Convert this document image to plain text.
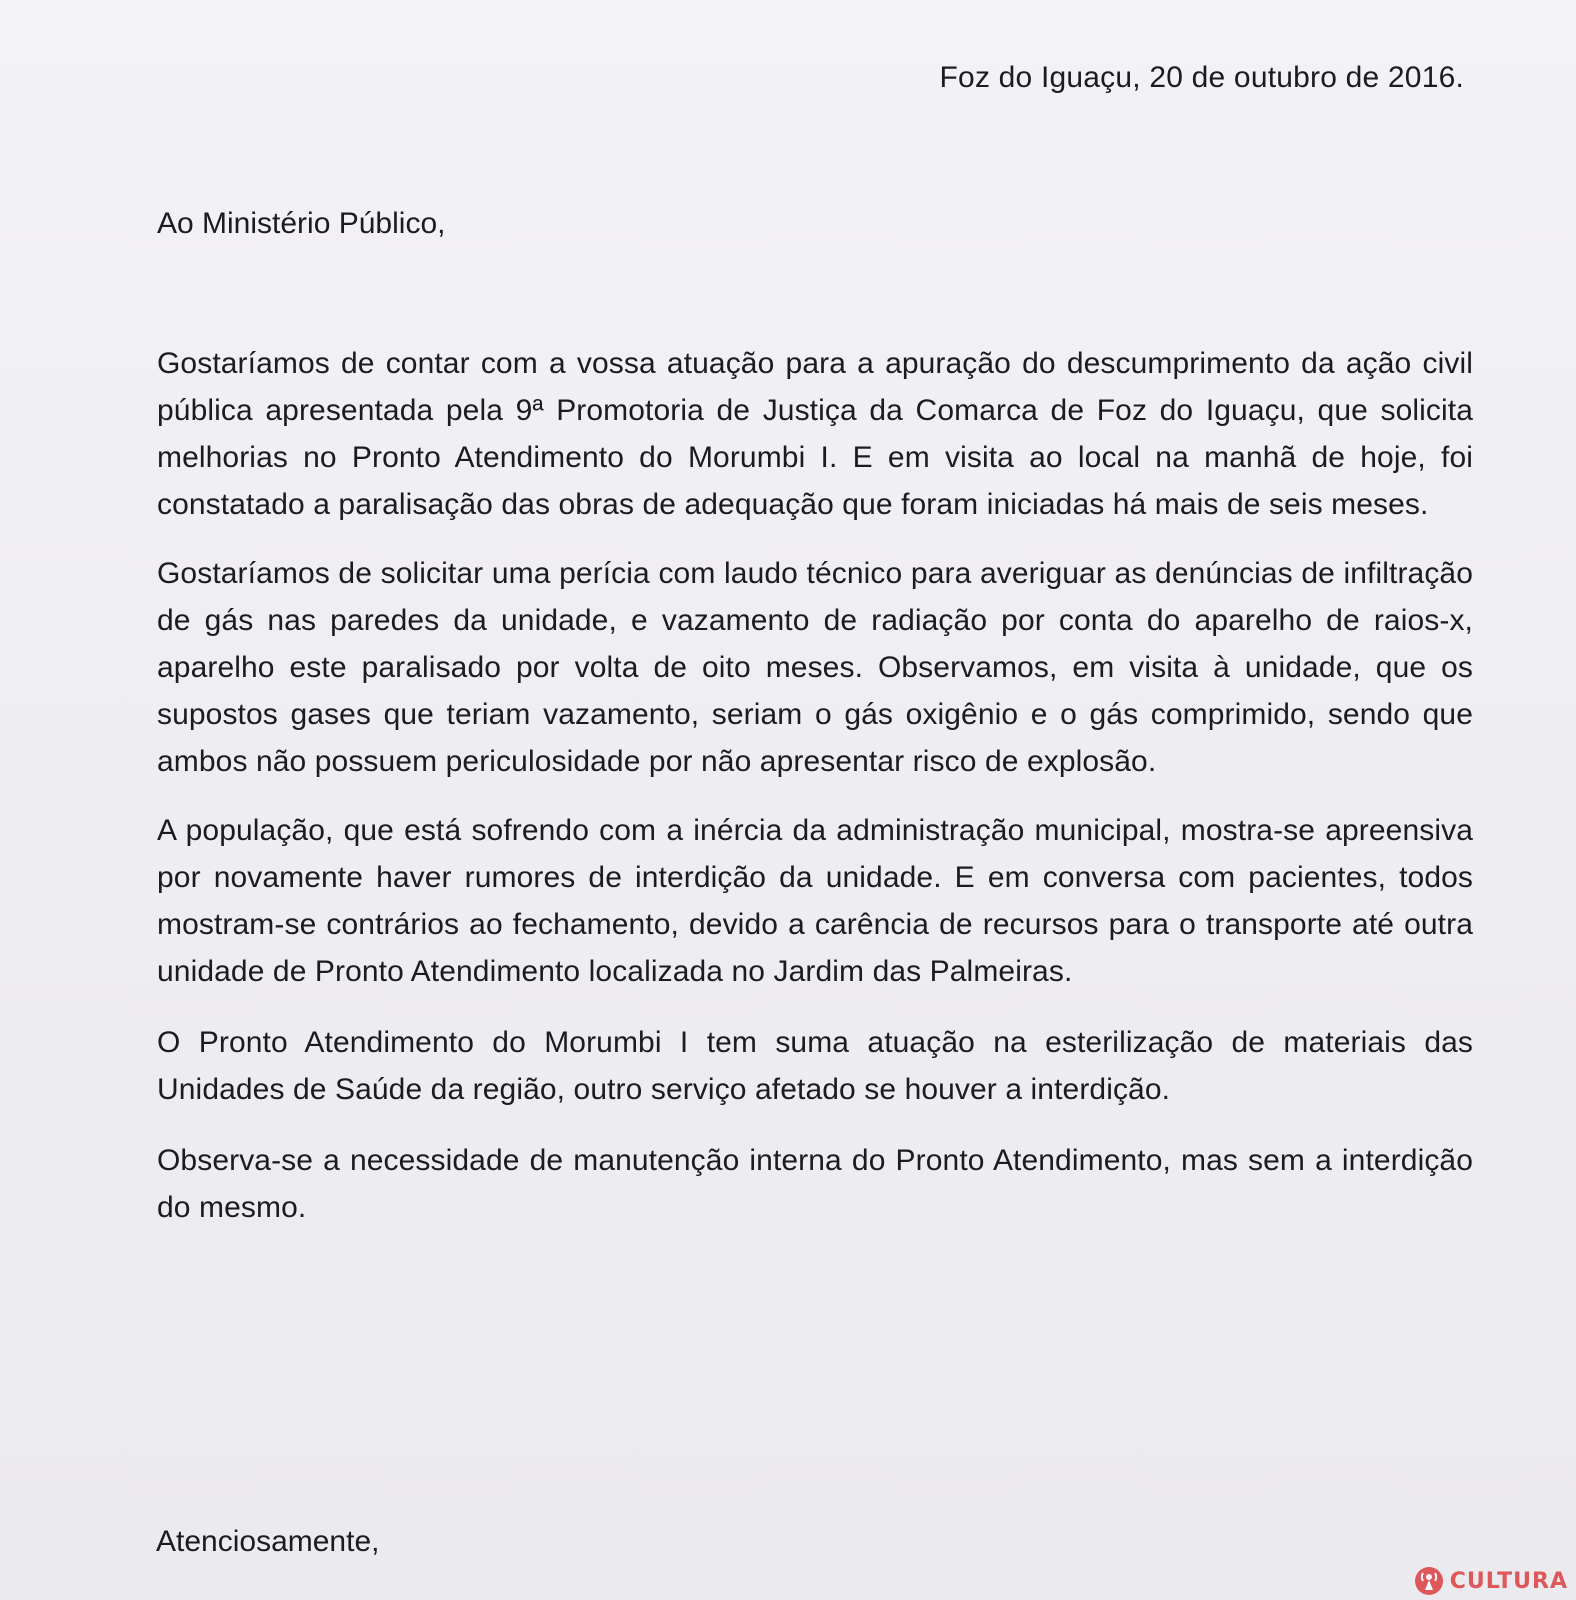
Foz do Iguaçu, 20 de outubro de 2016.
Ao Ministério Público,

Gostaríamos de contar com a vossa atuação para a apuração do descumprimento da ação civil pública apresentada pela 9ª Promotoria de Justiça da Comarca de Foz do Iguaçu, que solicita melhorias no Pronto Atendimento do Morumbi I. E em visita ao local na manhã de hoje, foi constatado a paralisação das obras de adequação que foram iniciadas há mais de seis meses.

Gostaríamos de solicitar uma perícia com laudo técnico para averiguar as denúncias de infiltração de gás nas paredes da unidade, e vazamento de radiação por conta do aparelho de raios-x, aparelho este paralisado por volta de oito meses. Observamos, em visita à unidade, que os supostos gases que teriam vazamento, seriam o gás oxigênio e o gás comprimido, sendo que ambos não possuem periculosidade por não apresentar risco de explosão.

A população, que está sofrendo com a inércia da administração municipal, mostra-se apreensiva por novamente haver rumores de interdição da unidade. E em conversa com pacientes, todos mostram-se contrários ao fechamento, devido a carência de recursos para o transporte até outra unidade de Pronto Atendimento localizada no Jardim das Palmeiras.

O Pronto Atendimento do Morumbi I tem suma atuação na esterilização de materiais das Unidades de Saúde da região, outro serviço afetado se houver a interdição.

Observa-se a necessidade de manutenção interna do Pronto Atendimento, mas sem a interdição do mesmo.

Atenciosamente,
CULTURA
